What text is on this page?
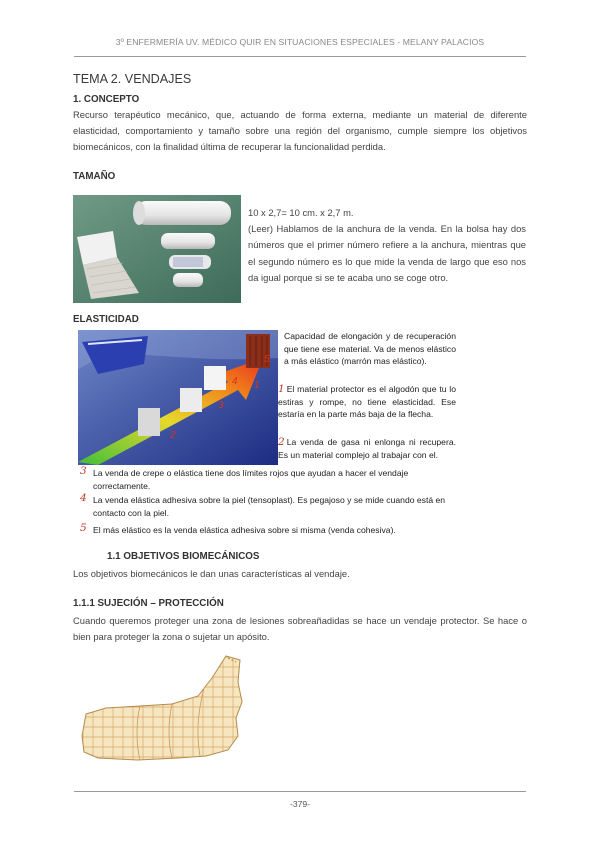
3º ENFERMERÍA UV. MÉDICO QUIR EN SITUACIONES ESPECIALES - MELANY PALACIOS
TEMA 2. VENDAJES
1. CONCEPTO
Recurso terapéutico mecánico, que, actuando de forma externa, mediante un material de diferente elasticidad, comportamiento y tamaño sobre una región del organismo, cumple siempre los objetivos biomecánicos, con la finalidad última de recuperar la funcionalidad perdida.
TAMAÑO
10 x 2,7= 10 cm. x 2,7 m.
(Leer) Hablamos de la anchura de la venda. En la bolsa hay dos números que el primer número refiere a la anchura, mientras que el segundo número es lo que mide la venda de largo que eso nos da igual porque si se te acaba uno se coge otro.
ELASTICIDAD
1
2
3
4
5
Capacidad de elongación y de recuperación que tiene ese material. Va de menos elástico a más elástico (marrón mas elástico).
1 El material protector es el algodón que tu lo estiras y rompe, no tiene elasticidad. Ese estaría en la parte más baja de la flecha.
2 La venda de gasa ni enlonga ni recupera. Es un material complejo al trabajar con el.
3 La venda de crepe o elástica tiene dos límites rojos que ayudan a hacer el vendaje correctamente.
4 La venda elástica adhesiva sobre la piel (tensoplast). Es pegajoso y se mide cuando está en contacto con la piel.
5 El más elástico es la venda elástica adhesiva sobre si misma (venda cohesiva).
1.1 OBJETIVOS BIOMECÁNICOS
Los objetivos biomecánicos le dan unas características al vendaje.
1.1.1 SUJECIÓN – PROTECCIÓN
Cuando queremos proteger una zona de lesiones sobreañadidas se hace un vendaje protector. Se hace o bien para proteger la zona o sujetar un apósito.
-379-
